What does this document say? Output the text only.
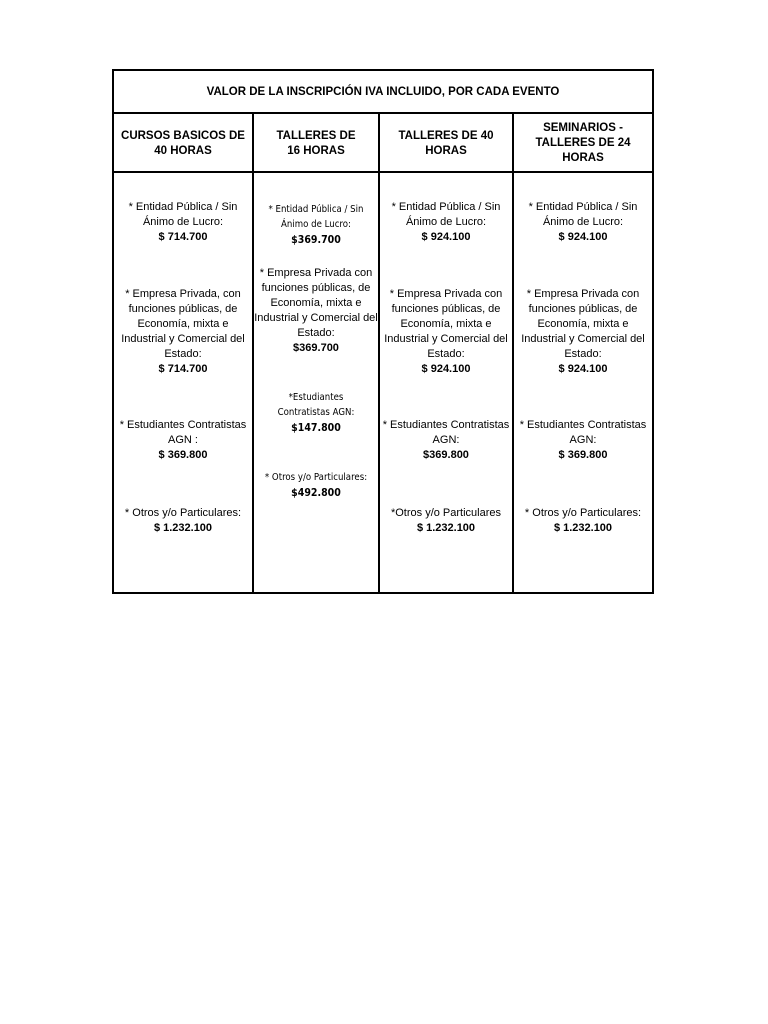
VALOR DE LA INSCRIPCIÓN IVA INCLUIDO, POR CADA EVENTO
CURSOS BASICOS DE
40 HORAS
TALLERES DE
16 HORAS
TALLERES DE 40
HORAS
SEMINARIOS -
TALLERES DE 24
HORAS
* Entidad Pública / Sin Ánimo de Lucro:
$ 714.700
* Empresa Privada, con funciones públicas, de Economía, mixta e Industrial y Comercial del Estado:
$ 714.700
* Estudiantes Contratistas AGN :
$ 369.800
* Otros y/o Particulares:
$ 1.232.100
* Entidad Pública / Sin Ánimo de Lucro:
$369.700
* Empresa Privada con funciones públicas, de Economía, mixta e Industrial y Comercial del Estado:
$369.700
*Estudiantes Contratistas AGN:
$147.800
* Otros y/o Particulares:
$492.800
* Entidad Pública / Sin Ánimo de Lucro:
$ 924.100
* Empresa Privada con funciones públicas, de Economía, mixta e Industrial y Comercial del Estado:
$ 924.100
* Estudiantes Contratistas AGN:
$369.800
*Otros y/o Particulares
$ 1.232.100
* Entidad Pública / Sin Ánimo de Lucro:
$ 924.100
* Empresa Privada con funciones públicas, de Economía, mixta e Industrial y Comercial del Estado:
$ 924.100
* Estudiantes Contratistas AGN:
$ 369.800
* Otros y/o Particulares:
$ 1.232.100
